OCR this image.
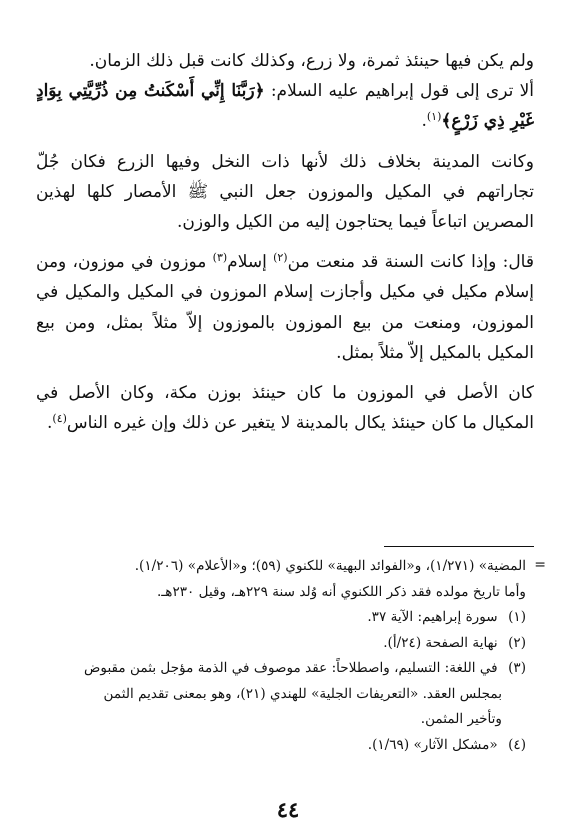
ولم يكن فيها حينئذ ثمرة، ولا زرع، وكذلك كانت قبل ذلك الزمان.

ألا ترى إلى قول إبراهيم عليه السلام: ﴿رَبَّنَا إِنِّي أَسْكَنتُ مِن ذُرِّيَّتِي بِوَادٍ غَيْرِ ذِي زَرْعٍ﴾$^{(١)}$.

وكانت المدينة بخلاف ذلك لأنها ذات النخل وفيها الزرع فكان جُلّ تجاراتهم في المكيل والموزون جعل النبي ﷺ الأمصار كلها لهذين المصرين اتباعاً فيما يحتاجون إليه من الكيل والوزن.

قال: وإذا كانت السنة قد منعت من$^{(٢)}$ إسلام$^{(٣)}$ موزون في موزون، ومن إسلام مكيل في مكيل وأجازت إسلام الموزون في المكيل والمكيل في الموزون، ومنعت من بيع الموزون بالموزون إلاّ مثلاً بمثل، ومن بيع المكيل بالمكيل إلاّ مثلاً بمثل.

كان الأصل في الموزون ما كان حينئذ بوزن مكة، وكان الأصل في المكيال ما كان حينئذ يكال بالمدينة لا يتغير عن ذلك وإن غيره الناس$^{(٤)}$.

=

المضية» (١/٢٧١)، و«الفوائد البهية» للكنوي (٥٩)؛ و«الأعلام» (١/٢٠٦).

وأما تاريخ مولده فقد ذكر اللكنوي أنه وُلد سنة ٢٢٩هـ، وقيل ٢٣٠هـ.

(١) سورة إبراهيم: الآية ٣٧.

(٢) نهاية الصفحة (٢٤/أ).

(٣) في اللغة: التسليم، واصطلاحاً: عقد موصوف في الذمة مؤجل بثمن مقبوض

بمجلس العقد. «التعريفات الجلية» للهندي (٢١)، وهو بمعنى تقديم الثمن

وتأخير المثمن.

(٤) «مشكل الآثار» (١/٦٩).

٤٤
